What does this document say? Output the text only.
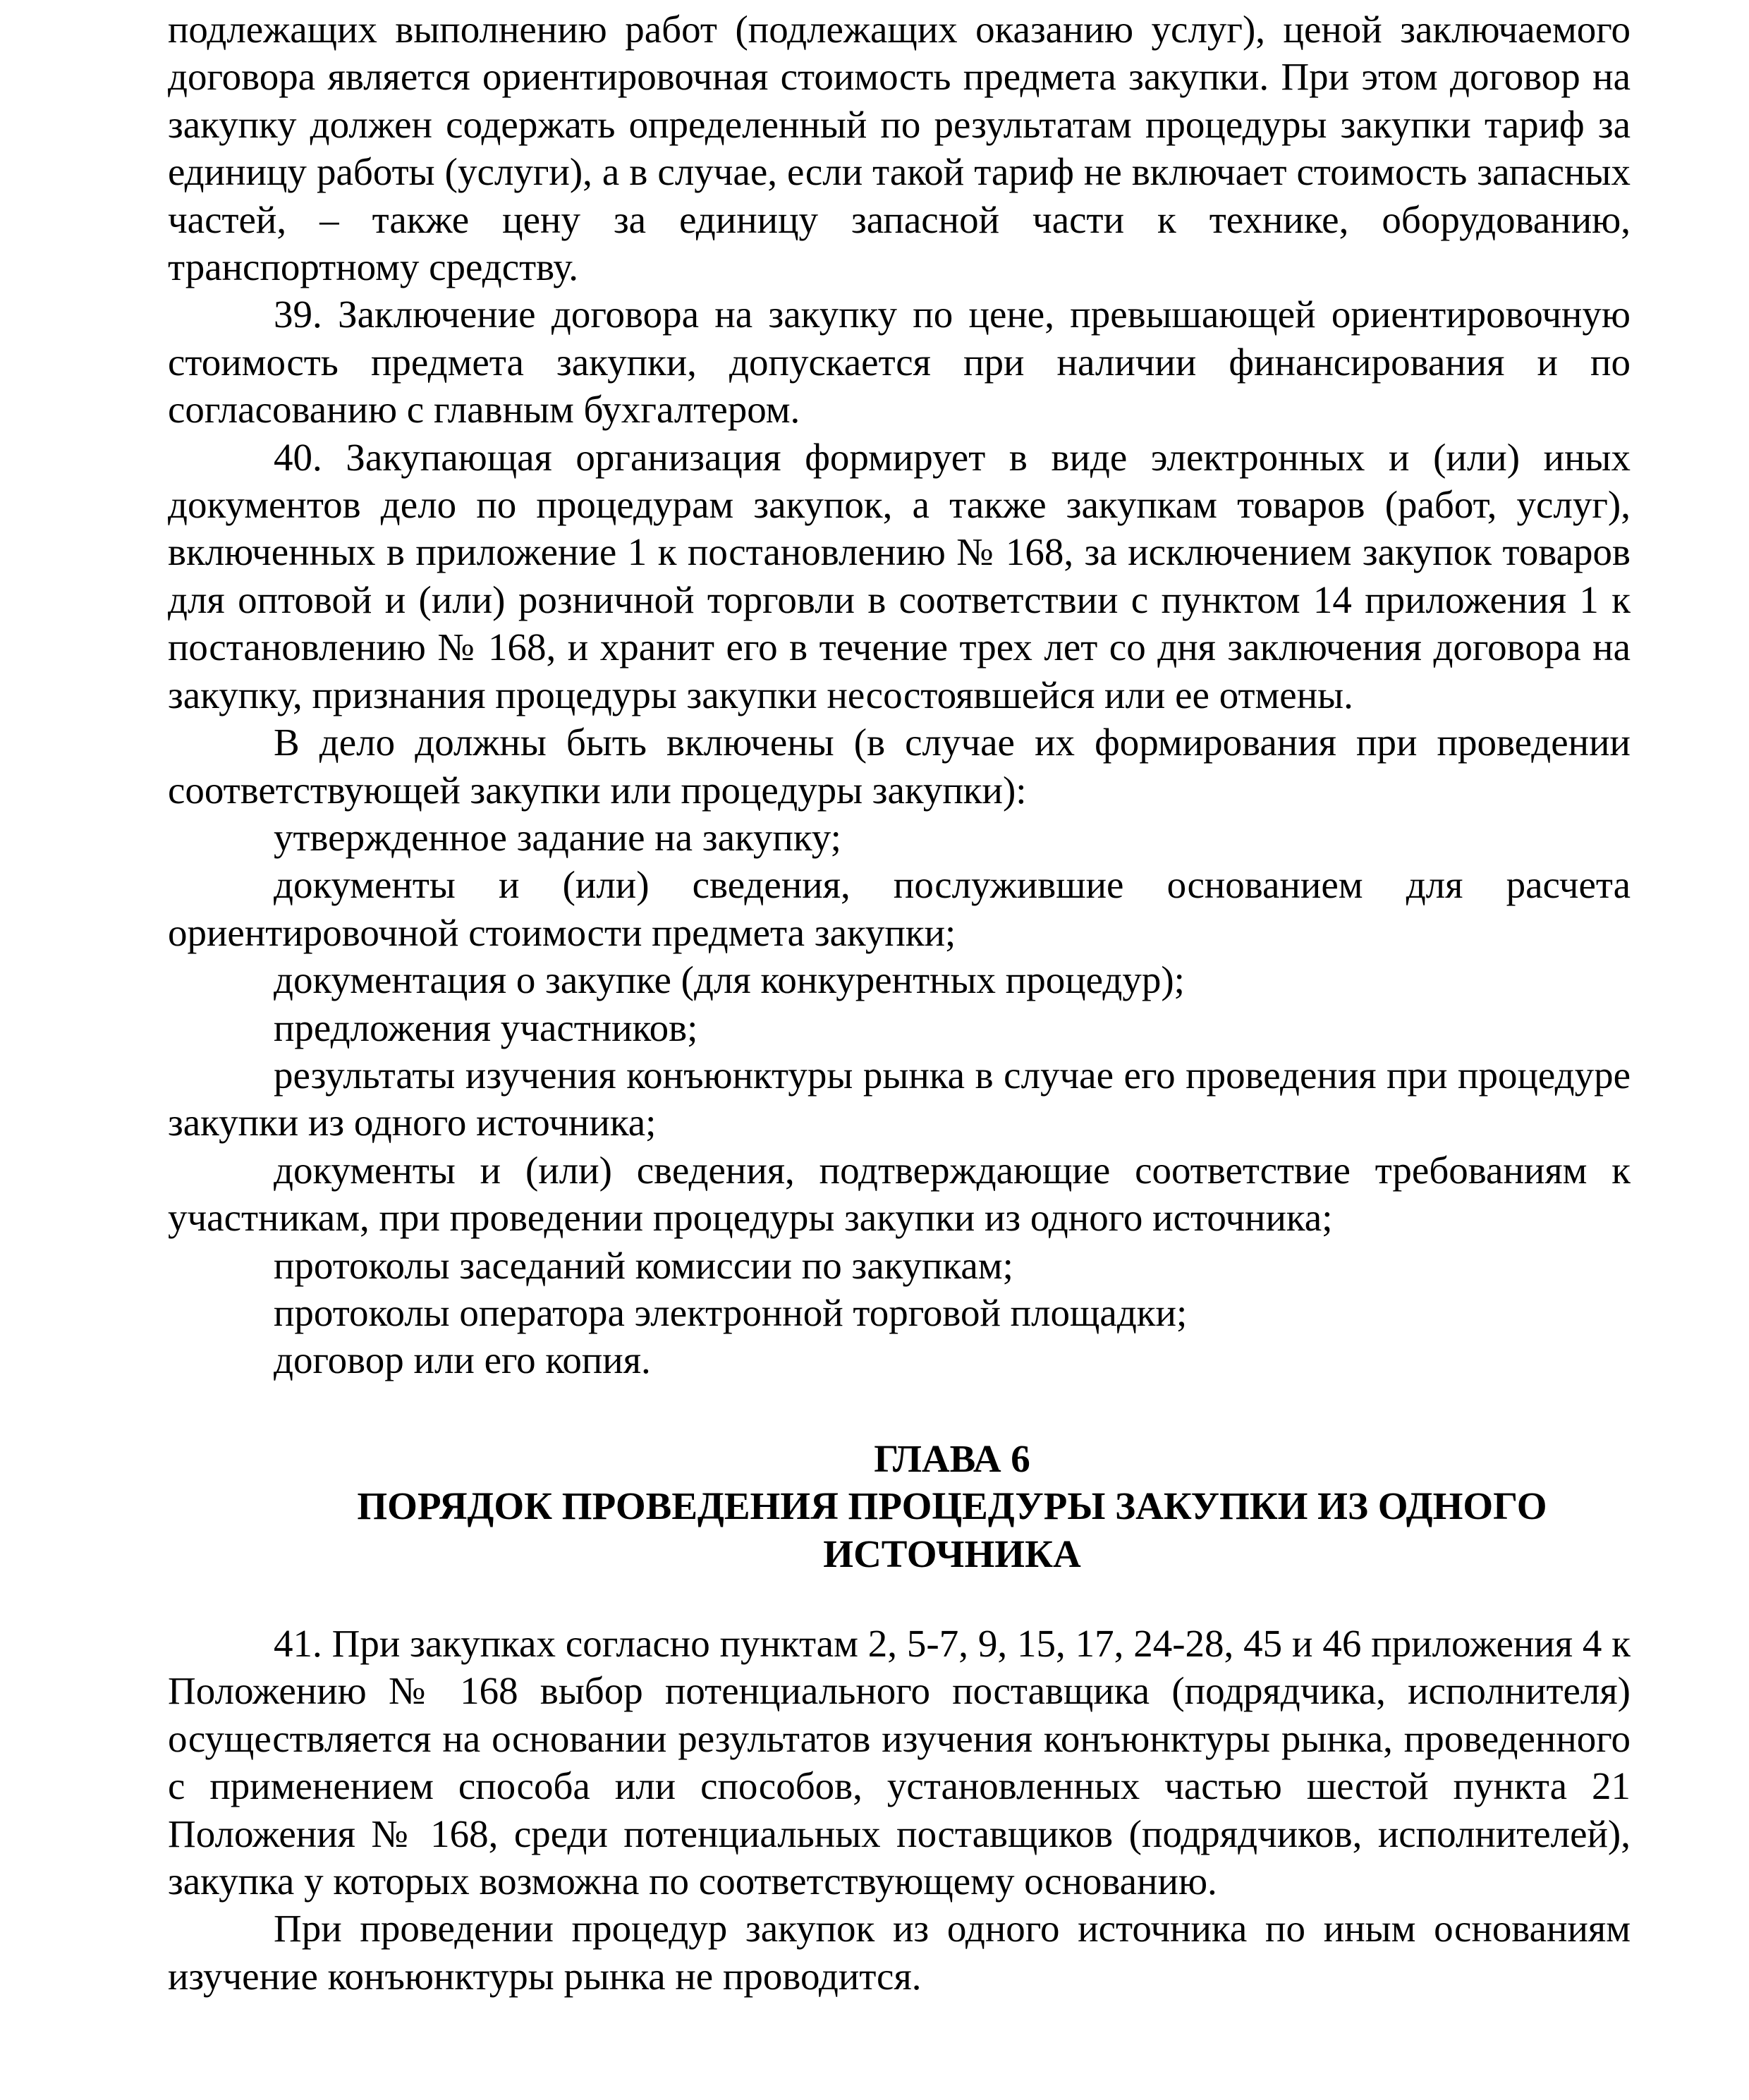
подлежащих выполнению работ (подлежащих оказанию услуг), ценой заключаемого договора является ориентировочная стоимость предмета закупки. При этом договор на закупку должен содержать определенный по результатам процедуры закупки тариф за единицу работы (услуги), а в случае, если такой тариф не включает стоимость запасных частей, – также цену за единицу запасной части к технике, оборудованию, транспортному средству.

39. Заключение договора на закупку по цене, превышающей ориентировочную стоимость предмета закупки, допускается при наличии финансирования и по согласованию с главным бухгалтером.

40. Закупающая организация формирует в виде электронных и (или) иных документов дело по процедурам закупок, а также закупкам товаров (работ, услуг), включенных в приложение 1 к постановлению № 168, за исключением закупок товаров для оптовой и (или) розничной торговли в соответствии с пунктом 14 приложения 1 к постановлению № 168, и хранит его в течение трех лет со дня заключения договора на закупку, признания процедуры закупки несостоявшейся или ее отмены.

В дело должны быть включены (в случае их формирования при проведении соответствующей закупки или процедуры закупки):

утвержденное задание на закупку;

документы и (или) сведения, послужившие основанием для расчета ориентировочной стоимости предмета закупки;

документация о закупке (для конкурентных процедур);

предложения участников;

результаты изучения конъюнктуры рынка в случае его проведения при процедуре закупки из одного источника;

документы и (или) сведения, подтверждающие соответствие требованиям к участникам, при проведении процедуры закупки из одного источника;

протоколы заседаний комиссии по закупкам;

протоколы оператора электронной торговой площадки;

договор или его копия.

ГЛАВА 6
ПОРЯДОК ПРОВЕДЕНИЯ ПРОЦЕДУРЫ ЗАКУПКИ ИЗ ОДНОГО
ИСТОЧНИКА

41. При закупках согласно пунктам 2, 5-7, 9, 15, 17, 24-28, 45 и 46 приложения 4 к Положению № 168 выбор потенциального поставщика (подрядчика, исполнителя) осуществляется на основании результатов изучения конъюнктуры рынка, проведенного с применением способа или способов, установленных частью шестой пункта 21 Положения № 168, среди потенциальных поставщиков (подрядчиков, исполнителей), закупка у которых возможна по соответствующему основанию.

При проведении процедур закупок из одного источника по иным основаниям изучение конъюнктуры рынка не проводится.
